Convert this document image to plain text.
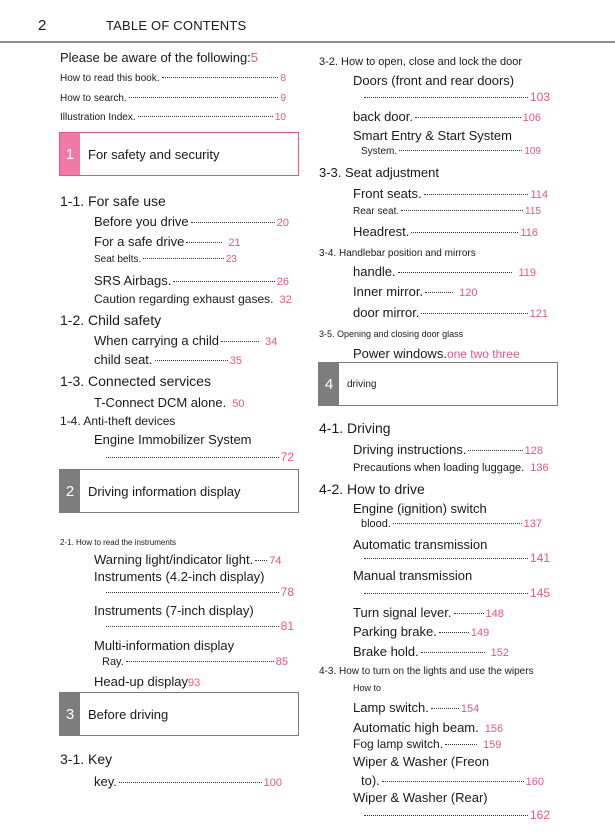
2	TABLE OF CONTENTS
Please be aware of the following: 5
How to read this book.	8
How to search.	9
Illustration Index.	10
1	For safety and security
1-1. For safe use
Before you drive	20
For a safe drive	21
Seat belts.	23
SRS Airbags.	26
Caution regarding exhaust gases. 32
1-2. Child safety
When carrying a child	34
child seat.	35
1-3. Connected services
T-Connect DCM alone. 50
1-4. Anti-theft devices
Engine Immobilizer System
72
2	Driving information display
2-1. How to read the instruments
Warning light/indicator light. 74
Instruments (4.2-inch display)
78
Instruments (7-inch display)
81
Multi-information display
Ray.	85
Head-up display 93
3	Before driving
3-1. Key
key.	100
3-2. How to open, close and lock the door
Doors (front and rear doors)
103
back door.	106
Smart Entry & Start System
System.	109
3-3. Seat adjustment
Front seats.	114
Rear seat.	115
Headrest.	116
3-4. Handlebar position and mirrors
handle.	119
Inner mirror.	120
door mirror.	121
3-5. Opening and closing door glass
Power windows. one two three
4	driving
4-1. Driving
Driving instructions.	128
Precautions when loading luggage. 136
4-2. How to drive
Engine (ignition) switch
blood.	137
Automatic transmission
141
Manual transmission
145
Turn signal lever.	148
Parking brake.	149
Brake hold.	152
4-3. How to turn on the lights and use the wipers
How to
Lamp switch.	154
Automatic high beam. 156
Fog lamp switch.	159
Wiper & Washer (Freon
to).	160
Wiper & Washer (Rear)
162
